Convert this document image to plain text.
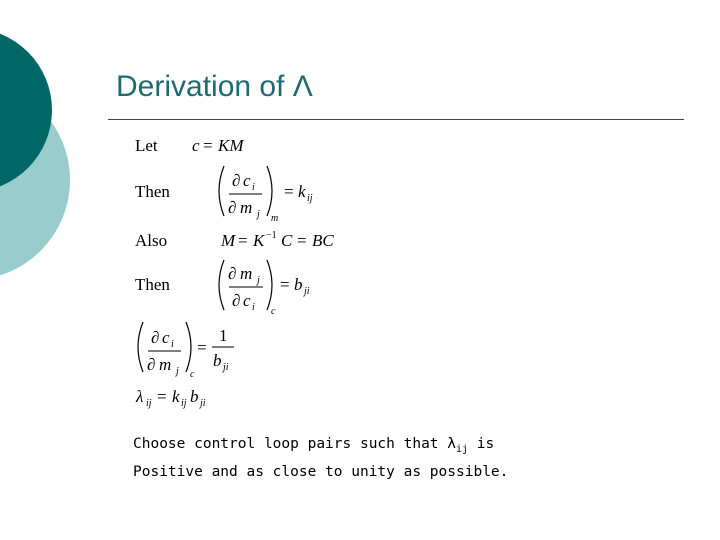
Derivation of Λ
Let c = KM
Then
∂ c i
∂ m j m
= k ij
Also	M = K −1 C = BC
Then
∂ m j
∂ c i c
= b ji
∂ c i
∂ m j c
=
1
b ji
λ ij = k ij b ji
Choose control loop pairs such that $\lambda_{ij}$ is
Positive and as close to unity as possible.
